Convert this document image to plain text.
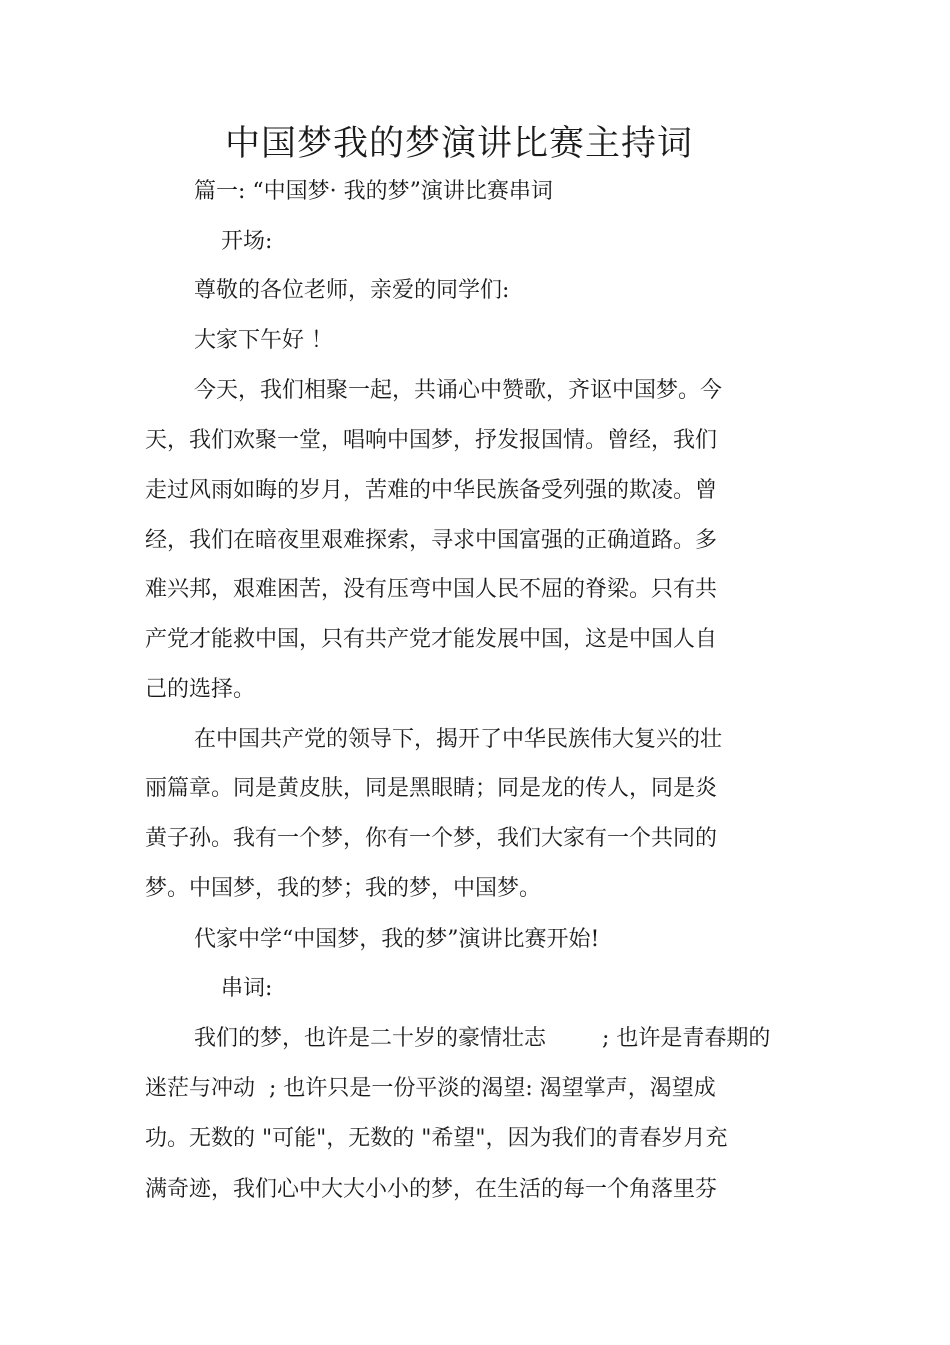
中国梦我的梦演讲比赛主持词
篇一: “中国梦· 我的梦”演讲比赛串词
开场:
尊敬的各位老师，亲爱的同学们:
大家下午好 ！
今天，我们相聚一起，共诵心中赞歌，齐讴中国梦。今
天，我们欢聚一堂，唱响中国梦，抒发报国情。曾经，我们
走过风雨如晦的岁月，苦难的中华民族备受列强的欺凌。曾
经，我们在暗夜里艰难探索，寻求中国富强的正确道路。多
难兴邦，艰难困苦，没有压弯中国人民不屈的脊梁。只有共
产党才能救中国，只有共产党才能发展中国，这是中国人自
己的选择。
在中国共产党的领导下，揭开了中华民族伟大复兴的壮
丽篇章。同是黄皮肤，同是黑眼睛；同是龙的传人，同是炎
黄子孙。我有一个梦，你有一个梦，我们大家有一个共同的
梦。中国梦，我的梦；我的梦，中国梦。
代家中学“中国梦，我的梦”演讲比赛开始!
串词:
我们的梦，也许是二十岁的豪情壮志        ; 也许是青春期的
迷茫与冲动  ; 也许只是一份平淡的渴望: 渴望掌声，渴望成
功。无数的 "可能"，无数的 "希望"，因为我们的青春岁月充
满奇迹，我们心中大大小小的梦，在生活的每一个角落里芬
